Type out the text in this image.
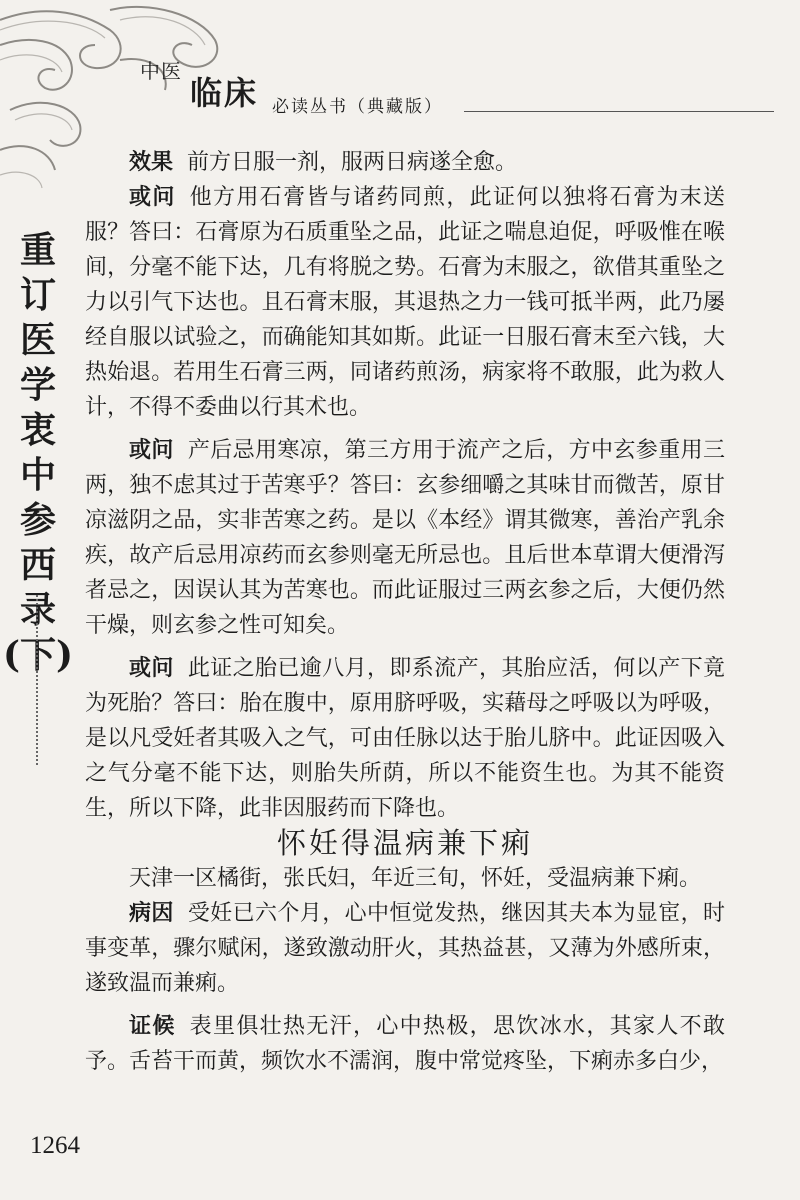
中医
临床 必读丛书（典藏版）
重
订
医
学
衷
中
参
西
录
(下)

效果 前方日服一剂，服两日病遂全愈。

或问 他方用石膏皆与诸药同煎，此证何以独将石膏为末送服？答曰：石膏原为石质重坠之品，此证之喘息迫促，呼吸惟在喉间，分毫不能下达，几有将脱之势。石膏为末服之，欲借其重坠之力以引气下达也。且石膏末服，其退热之力一钱可抵半两，此乃屡经自服以试验之，而确能知其如斯。此证一日服石膏末至六钱，大热始退。若用生石膏三两，同诸药煎汤，病家将不敢服，此为救人计，不得不委曲以行其术也。

或问 产后忌用寒凉，第三方用于流产之后，方中玄参重用三两，独不虑其过于苦寒乎？答曰：玄参细嚼之其味甘而微苦，原甘凉滋阴之品，实非苦寒之药。是以《本经》谓其微寒，善治产乳余疾，故产后忌用凉药而玄参则毫无所忌也。且后世本草谓大便滑泻者忌之，因误认其为苦寒也。而此证服过三两玄参之后，大便仍然干燥，则玄参之性可知矣。

或问 此证之胎已逾八月，即系流产，其胎应活，何以产下竟为死胎？答曰：胎在腹中，原用脐呼吸，实藉母之呼吸以为呼吸，是以凡受妊者其吸入之气，可由任脉以达于胎儿脐中。此证因吸入之气分毫不能下达，则胎失所荫，所以不能资生也。为其不能资生，所以下降，此非因服药而下降也。

怀妊得温病兼下痢

天津一区橘街，张氏妇，年近三旬，怀妊，受温病兼下痢。

病因 受妊已六个月，心中恒觉发热，继因其夫本为显宦，时事变革，骤尔赋闲，遂致激动肝火，其热益甚，又薄为外感所束，遂致温而兼痢。

证候 表里俱壮热无汗，心中热极，思饮冰水，其家人不敢予。舌苔干而黄，频饮水不濡润，腹中常觉疼坠，下痢赤多白少，

1264
